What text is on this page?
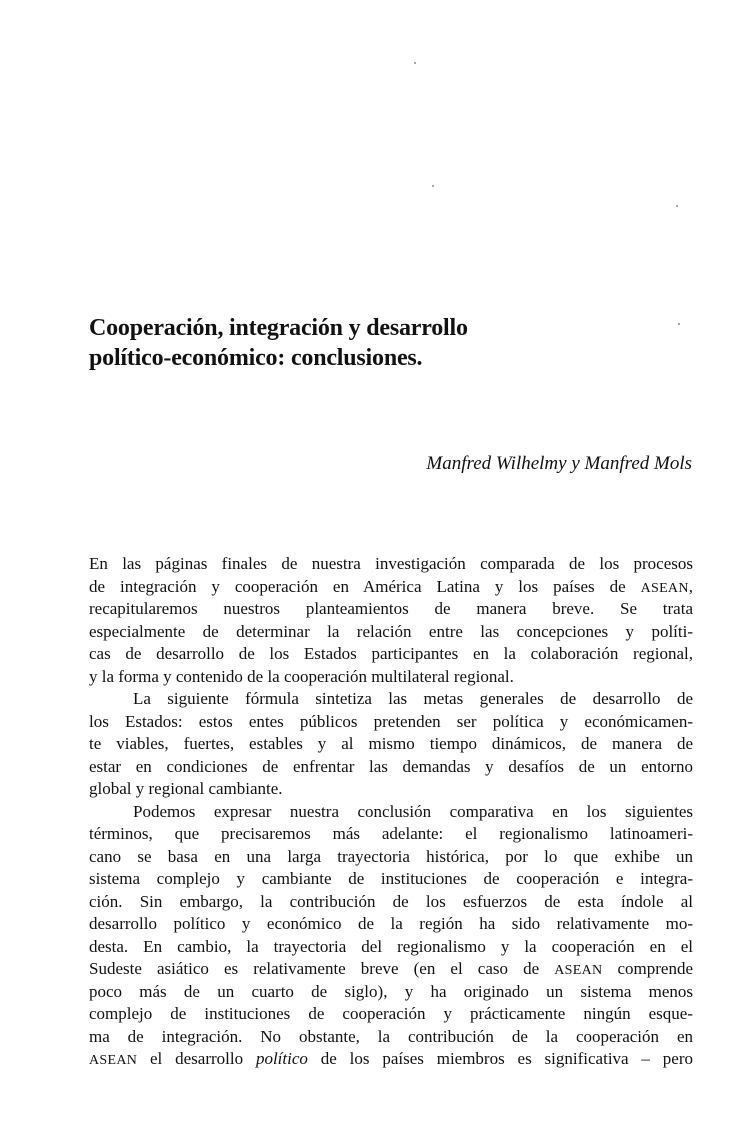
Cooperación, integración y desarrollo
político-económico: conclusiones.
Manfred Wilhelmy y Manfred Mols
En las páginas finales de nuestra investigación comparada de los procesos
de integración y cooperación en América Latina y los países de ASEAN,
recapitularemos nuestros planteamientos de manera breve. Se trata
especialmente de determinar la relación entre las concepciones y políti-
cas de desarrollo de los Estados participantes en la colaboración regional,
y la forma y contenido de la cooperación multilateral regional.
La siguiente fórmula sintetiza las metas generales de desarrollo de
los Estados: estos entes públicos pretenden ser política y económicamen-
te viables, fuertes, estables y al mismo tiempo dinámicos, de manera de
estar en condiciones de enfrentar las demandas y desafíos de un entorno
global y regional cambiante.
Podemos expresar nuestra conclusión comparativa en los siguientes
términos, que precisaremos más adelante: el regionalismo latinoameri-
cano se basa en una larga trayectoria histórica, por lo que exhibe un
sistema complejo y cambiante de instituciones de cooperación e integra-
ción. Sin embargo, la contribución de los esfuerzos de esta índole al
desarrollo político y económico de la región ha sido relativamente mo-
desta. En cambio, la trayectoria del regionalismo y la cooperación en el
Sudeste asiático es relativamente breve (en el caso de ASEAN comprende
poco más de un cuarto de siglo), y ha originado un sistema menos
complejo de instituciones de cooperación y prácticamente ningún esque-
ma de integración. No obstante, la contribución de la cooperación en
ASEAN el desarrollo político de los países miembros es significativa – pero
